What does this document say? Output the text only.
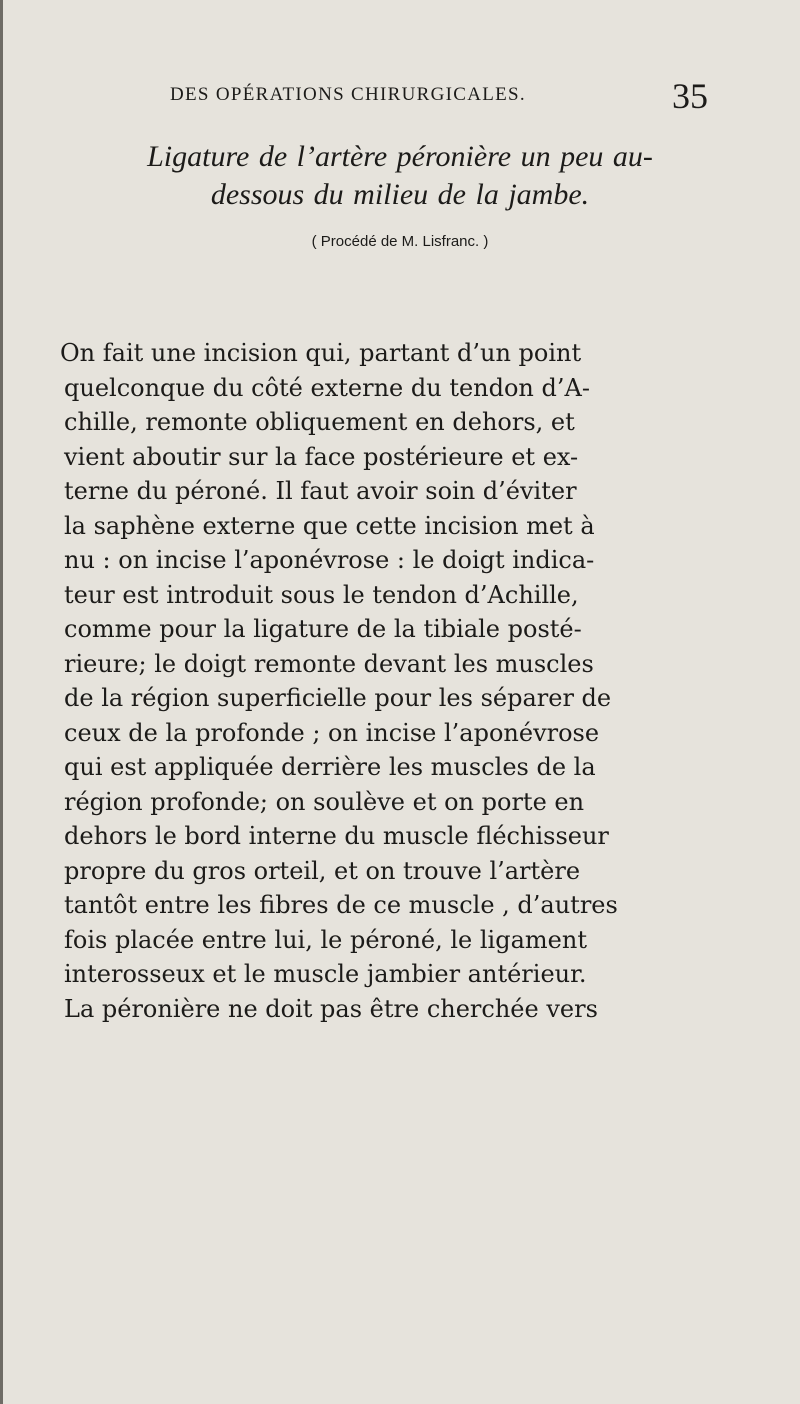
DES OPÉRATIONS CHIRURGICALES.	35
Ligature de l’artère péronière un peu au-
dessous du milieu de la jambe.
( Procédé de M. Lisfranc. )
On fait une incision qui, partant d’un point
quelconque du côté externe du tendon d’A-
chille, remonte obliquement en dehors, et
vient aboutir sur la face postérieure et ex-
terne du péroné. Il faut avoir soin d’éviter
la saphène externe que cette incision met à
nu : on incise l’aponévrose : le doigt indica-
teur est introduit sous le tendon d’Achille,
comme pour la ligature de la tibiale posté-
rieure; le doigt remonte devant les muscles
de la région superficielle pour les séparer de
ceux de la profonde ; on incise l’aponévrose
qui est appliquée derrière les muscles de la
région profonde; on soulève et on porte en
dehors le bord interne du muscle fléchisseur
propre du gros orteil, et on trouve l’artère
tantôt entre les fibres de ce muscle , d’autres
fois placée entre lui, le péroné, le ligament
interosseux et le muscle jambier antérieur.
La péronière ne doit pas être cherchée vers
